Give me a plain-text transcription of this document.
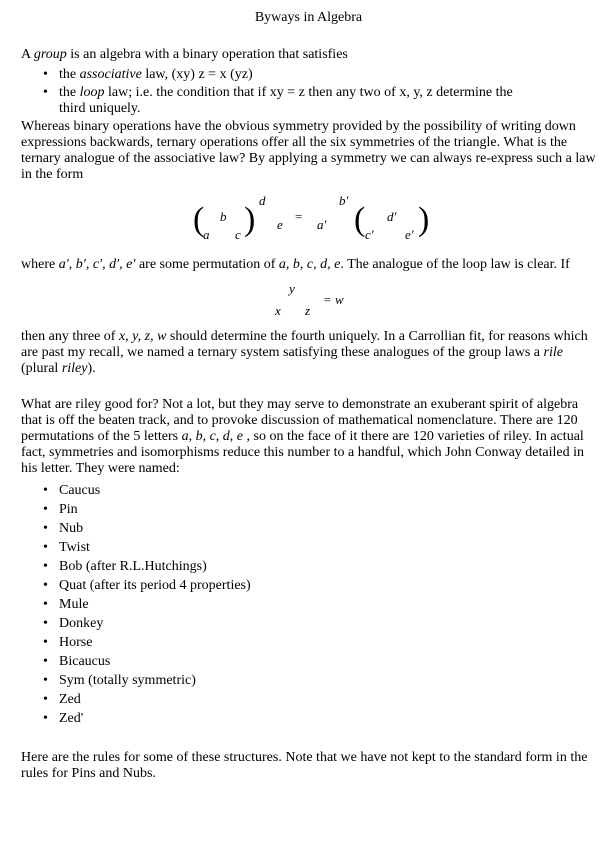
Byways in Algebra

A group is an algebra with a binary operation that satisfies

• the associative law, (xy) z = x (yz)
• the loop law; i.e. the condition that if xy = z then any two of x, y, z determine the
third uniquely.

Whereas binary operations have the obvious symmetry provided by the possibility of writing down expressions backwards, ternary operations offer all the six symmetries of the triangle. What is the ternary analogue of the associative law? By applying a symmetry we can always re-express such a law in the form

d	b′
( b )
a c
e
=
a′ ( d′ )
c′ e′

where a′, b′, c′, d′, e′ are some permutation of a, b, c, d, e. The analogue of the loop law is clear. If

y
= w
x z

then any three of x, y, z, w should determine the fourth uniquely. In a Carrollian fit, for reasons which are past my recall, we named a ternary system satisfying these analogues of the group laws a rile (plural riley).

What are riley good for? Not a lot, but they may serve to demonstrate an exuberant spirit of algebra that is off the beaten track, and to provoke discussion of mathematical nomenclature. There are 120 permutations of the 5 letters a, b, c, d, e , so on the face of it there are 120 varieties of riley. In actual fact, symmetries and isomorphisms reduce this number to a handful, which John Conway detailed in his letter. They were named:

• Caucus
• Pin
• Nub
• Twist
• Bob (after R.L.Hutchings)
• Quat (after its period 4 properties)
• Mule
• Donkey
• Horse
• Bicaucus
• Sym (totally symmetric)
• Zed
• Zed'

Here are the rules for some of these structures. Note that we have not kept to the standard form in the rules for Pins and Nubs.
